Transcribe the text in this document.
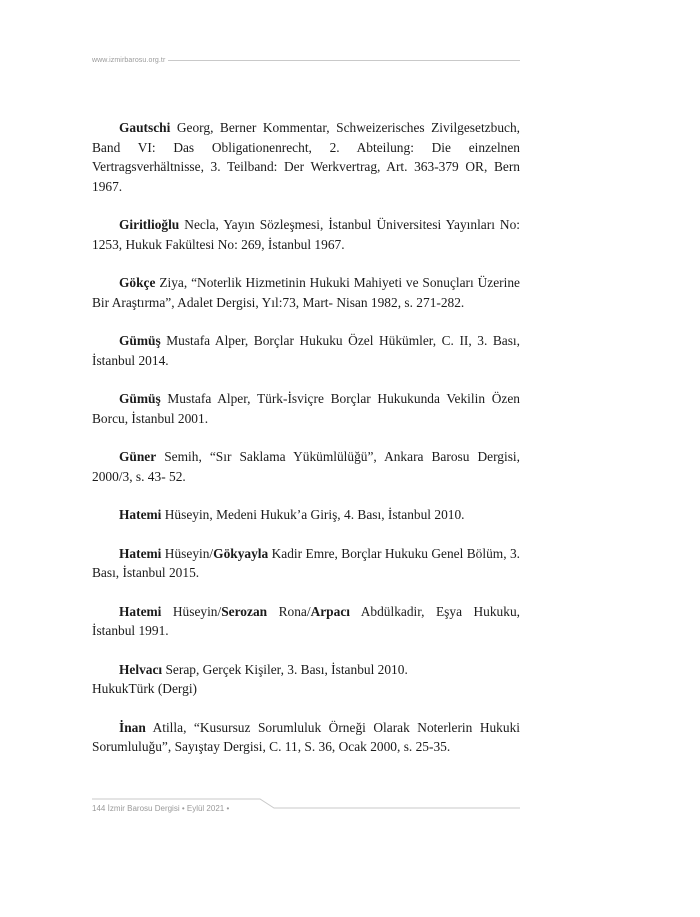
www.izmirbarosu.org.tr

Gautschi Georg, Berner Kommentar, Schweizerisches Zivilgesetzbuch, Band VI: Das Obligationenrecht, 2. Abteilung: Die einzelnen Vertragsverhältnisse, 3. Teilband: Der Werkvertrag, Art. 363-379 OR, Bern 1967.

Giritlioğlu Necla, Yayın Sözleşmesi, İstanbul Üniversitesi Yayınları No: 1253, Hukuk Fakültesi No: 269, İstanbul 1967.

Gökçe Ziya, “Noterlik Hizmetinin Hukuki Mahiyeti ve Sonuçları Üzerine Bir Araştırma”, Adalet Dergisi, Yıl:73, Mart- Nisan 1982, s. 271-282.

Gümüş Mustafa Alper, Borçlar Hukuku Özel Hükümler, C. II, 3. Bası, İstanbul 2014.

Gümüş Mustafa Alper, Türk-İsviçre Borçlar Hukukunda Vekilin Özen Borcu, İstanbul 2001.

Güner Semih, “Sır Saklama Yükümlülüğü”, Ankara Barosu Dergisi, 2000/3, s. 43- 52.

Hatemi Hüseyin, Medeni Hukuk’a Giriş, 4. Bası, İstanbul 2010.

Hatemi Hüseyin/Gökyayla Kadir Emre, Borçlar Hukuku Genel Bölüm, 3. Bası, İstanbul 2015.

Hatemi Hüseyin/Serozan Rona/Arpacı Abdülkadir, Eşya Hukuku, İstanbul 1991.

Helvacı Serap, Gerçek Kişiler, 3. Bası, İstanbul 2010.

HukukTürk (Dergi)

İnan Atilla, “Kusursuz Sorumluluk Örneği Olarak Noterlerin Hukuki Sorumluluğu”, Sayıştay Dergisi, C. 11, S. 36, Ocak 2000, s. 25-35.

144 İzmir Barosu Dergisi • Eylül 2021 •
